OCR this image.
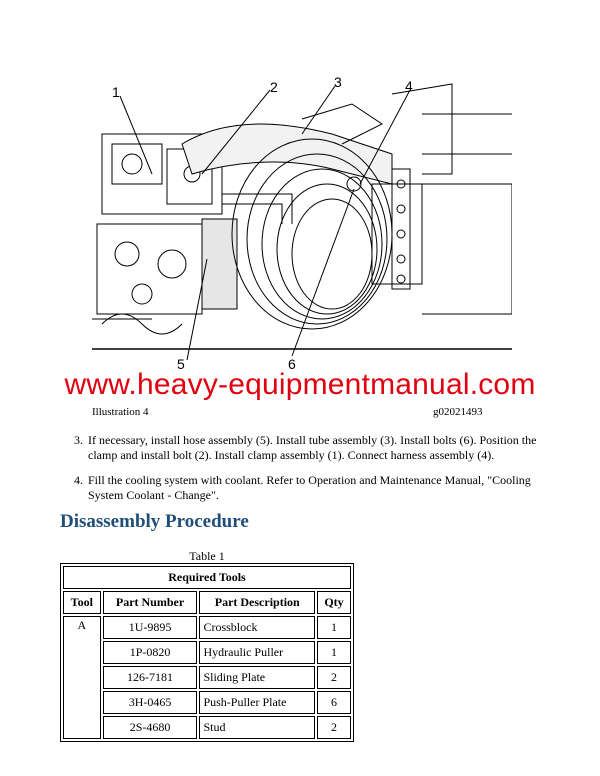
1	2	3	4
5	6
www.heavy-equipmentmanual.com
Illustration 4	g02021493
3. If necessary, install hose assembly (5). Install tube assembly (3). Install bolts (6). Position the clamp and install bolt (2). Install clamp assembly (1). Connect harness assembly (4).
4. Fill the cooling system with coolant. Refer to Operation and Maintenance Manual, "Cooling System Coolant - Change".
Disassembly Procedure
Table 1
Required Tools			
Tool	Part Number	Part Description	Qty
A	1U-9895	Crossblock	1
	1P-0820	Hydraulic Puller	1
	126-7181	Sliding Plate	2
	3H-0465	Push-Puller Plate	6
	2S-4680	Stud	2
